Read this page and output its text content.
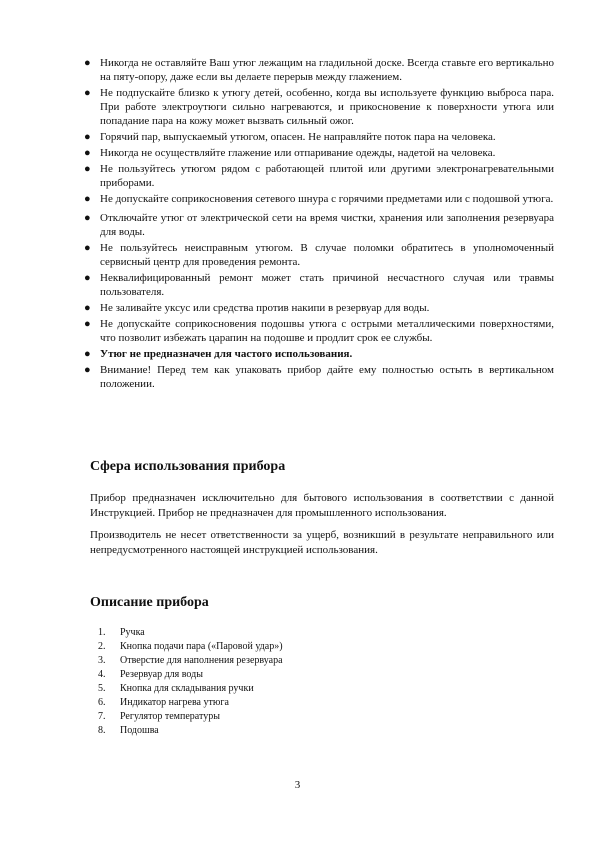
● Никогда не оставляйте Ваш утюг лежащим на гладильной доске. Всегда ставьте его вертикально на пяту-опору, даже если вы делаете перерыв между глажением.
● Не подпускайте близко к утюгу детей, особенно, когда вы используете функцию выброса пара. При работе электроутюги сильно нагреваются, и прикосновение к поверхности утюга или попадание пара на кожу может вызвать сильный ожог.
● Горячий пар, выпускаемый утюгом, опасен. Не направляйте поток пара на человека.
● Никогда не осуществляйте глажение или отпаривание одежды, надетой на человека.
● Не пользуйтесь утюгом рядом с работающей плитой или другими электронагревательными приборами.
● Не допускайте соприкосновения сетевого шнура с горячими предметами или с подошвой утюга.
● Отключайте утюг от электрической сети на время чистки, хранения или заполнения резервуара для воды.
● Не пользуйтесь неисправным утюгом. В случае поломки обратитесь в уполномоченный сервисный центр для проведения ремонта.
● Неквалифицированный ремонт может стать причиной несчастного случая или травмы пользователя.
● Не заливайте уксус или средства против накипи в резервуар для воды.
● Не допускайте соприкосновения подошвы утюга с острыми металлическими поверхностями, что позволит избежать царапин на подошве и продлит срок ее службы.
● Утюг не предназначен для частого использования.
● Внимание! Перед тем как упаковать прибор дайте ему полностью остыть в вертикальном положении.
Сфера использования прибора

Прибор предназначен исключительно для бытового использования в соответствии с данной Инструкцией. Прибор не предназначен для промышленного использования.

Производитель не несет ответственности за ущерб, возникший в результате неправильного или непредусмотренного настоящей инструкцией использования.

Описание прибора
1. Ручка
2. Кнопка подачи пара («Паровой удар»)
3. Отверстие для наполнения резервуара
4. Резервуар для воды
5. Кнопка для складывания ручки
6. Индикатор нагрева утюга
7. Регулятор температуры
8. Подошва
3
